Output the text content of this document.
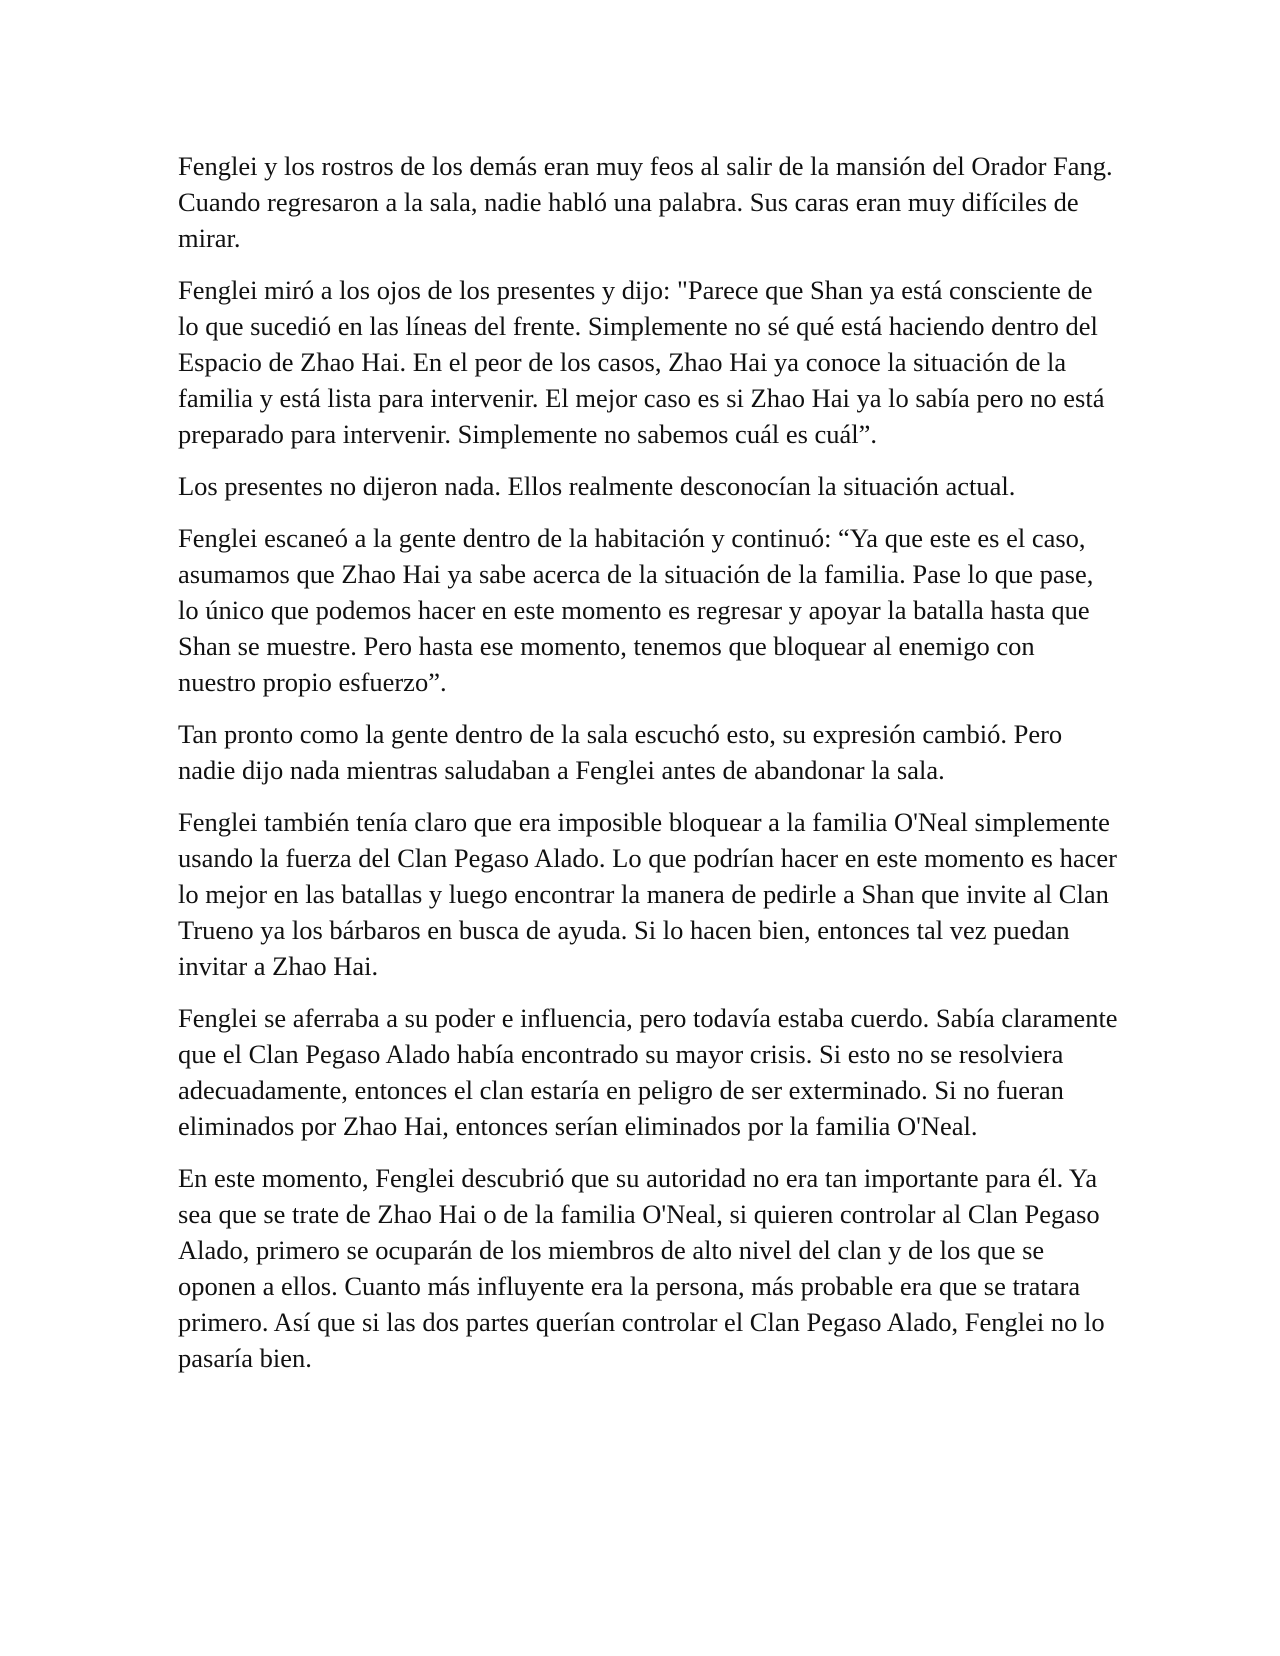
Fenglei y los rostros de los demás eran muy feos al salir de la mansión del Orador Fang. Cuando regresaron a la sala, nadie habló una palabra. Sus caras eran muy difíciles de mirar.

Fenglei miró a los ojos de los presentes y dijo: "Parece que Shan ya está consciente de lo que sucedió en las líneas del frente. Simplemente no sé qué está haciendo dentro del Espacio de Zhao Hai. En el peor de los casos, Zhao Hai ya conoce la situación de la familia y está lista para intervenir. El mejor caso es si Zhao Hai ya lo sabía pero no está preparado para intervenir. Simplemente no sabemos cuál es cuál”.

Los presentes no dijeron nada. Ellos realmente desconocían la situación actual.

Fenglei escaneó a la gente dentro de la habitación y continuó: “Ya que este es el caso, asumamos que Zhao Hai ya sabe acerca de la situación de la familia. Pase lo que pase, lo único que podemos hacer en este momento es regresar y apoyar la batalla hasta que Shan se muestre. Pero hasta ese momento, tenemos que bloquear al enemigo con nuestro propio esfuerzo”.

Tan pronto como la gente dentro de la sala escuchó esto, su expresión cambió. Pero nadie dijo nada mientras saludaban a Fenglei antes de abandonar la sala.

Fenglei también tenía claro que era imposible bloquear a la familia O'Neal simplemente usando la fuerza del Clan Pegaso Alado. Lo que podrían hacer en este momento es hacer lo mejor en las batallas y luego encontrar la manera de pedirle a Shan que invite al Clan Trueno ya los bárbaros en busca de ayuda. Si lo hacen bien, entonces tal vez puedan invitar a Zhao Hai.

Fenglei se aferraba a su poder e influencia, pero todavía estaba cuerdo. Sabía claramente que el Clan Pegaso Alado había encontrado su mayor crisis. Si esto no se resolviera adecuadamente, entonces el clan estaría en peligro de ser exterminado. Si no fueran eliminados por Zhao Hai, entonces serían eliminados por la familia O'Neal.

En este momento, Fenglei descubrió que su autoridad no era tan importante para él. Ya sea que se trate de Zhao Hai o de la familia O'Neal, si quieren controlar al Clan Pegaso Alado, primero se ocuparán de los miembros de alto nivel del clan y de los que se oponen a ellos. Cuanto más influyente era la persona, más probable era que se tratara primero. Así que si las dos partes querían controlar el Clan Pegaso Alado, Fenglei no lo pasaría bien.
